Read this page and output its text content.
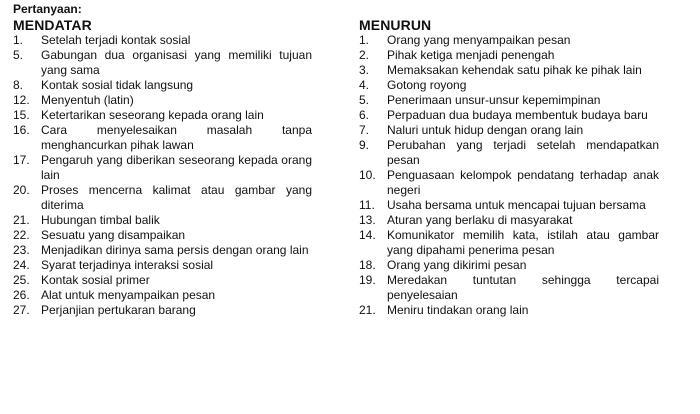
Pertanyaan:
MENDATAR
1.	Setelah terjadi kontak sosial
5.	Gabungan dua organisasi yang memiliki tujuan yang sama
8.	Kontak sosial tidak langsung
12. Menyentuh (latin)
15. Ketertarikan seseorang kepada orang lain
16. Cara menyelesaikan masalah tanpa menghancurkan pihak lawan
17. Pengaruh yang diberikan seseorang kepada orang lain
20. Proses mencerna kalimat atau gambar yang diterima
21. Hubungan timbal balik
22. Sesuatu yang disampaikan
23. Menjadikan dirinya sama persis dengan orang lain
24. Syarat terjadinya interaksi sosial
25. Kontak sosial primer
26. Alat untuk menyampaikan pesan
27. Perjanjian pertukaran barang
MENURUN
1.	Orang yang menyampaikan pesan
2.	Pihak ketiga menjadi penengah
3.	Memaksakan kehendak satu pihak ke pihak lain
4.	Gotong royong
5.	Penerimaan unsur-unsur kepemimpinan
6.	Perpaduan dua budaya membentuk budaya baru
7.	Naluri untuk hidup dengan orang lain
9.	Perubahan yang terjadi setelah mendapatkan pesan
10. Penguasaan kelompok pendatang terhadap anak negeri
11.	Usaha bersama untuk mencapai tujuan bersama
13. Aturan yang berlaku di masyarakat
14. Komunikator memilih kata, istilah atau gambar yang dipahami penerima pesan
18. Orang yang dikirimi pesan
19. Meredakan tuntutan sehingga tercapai penyelesaian
21. Meniru tindakan orang lain
